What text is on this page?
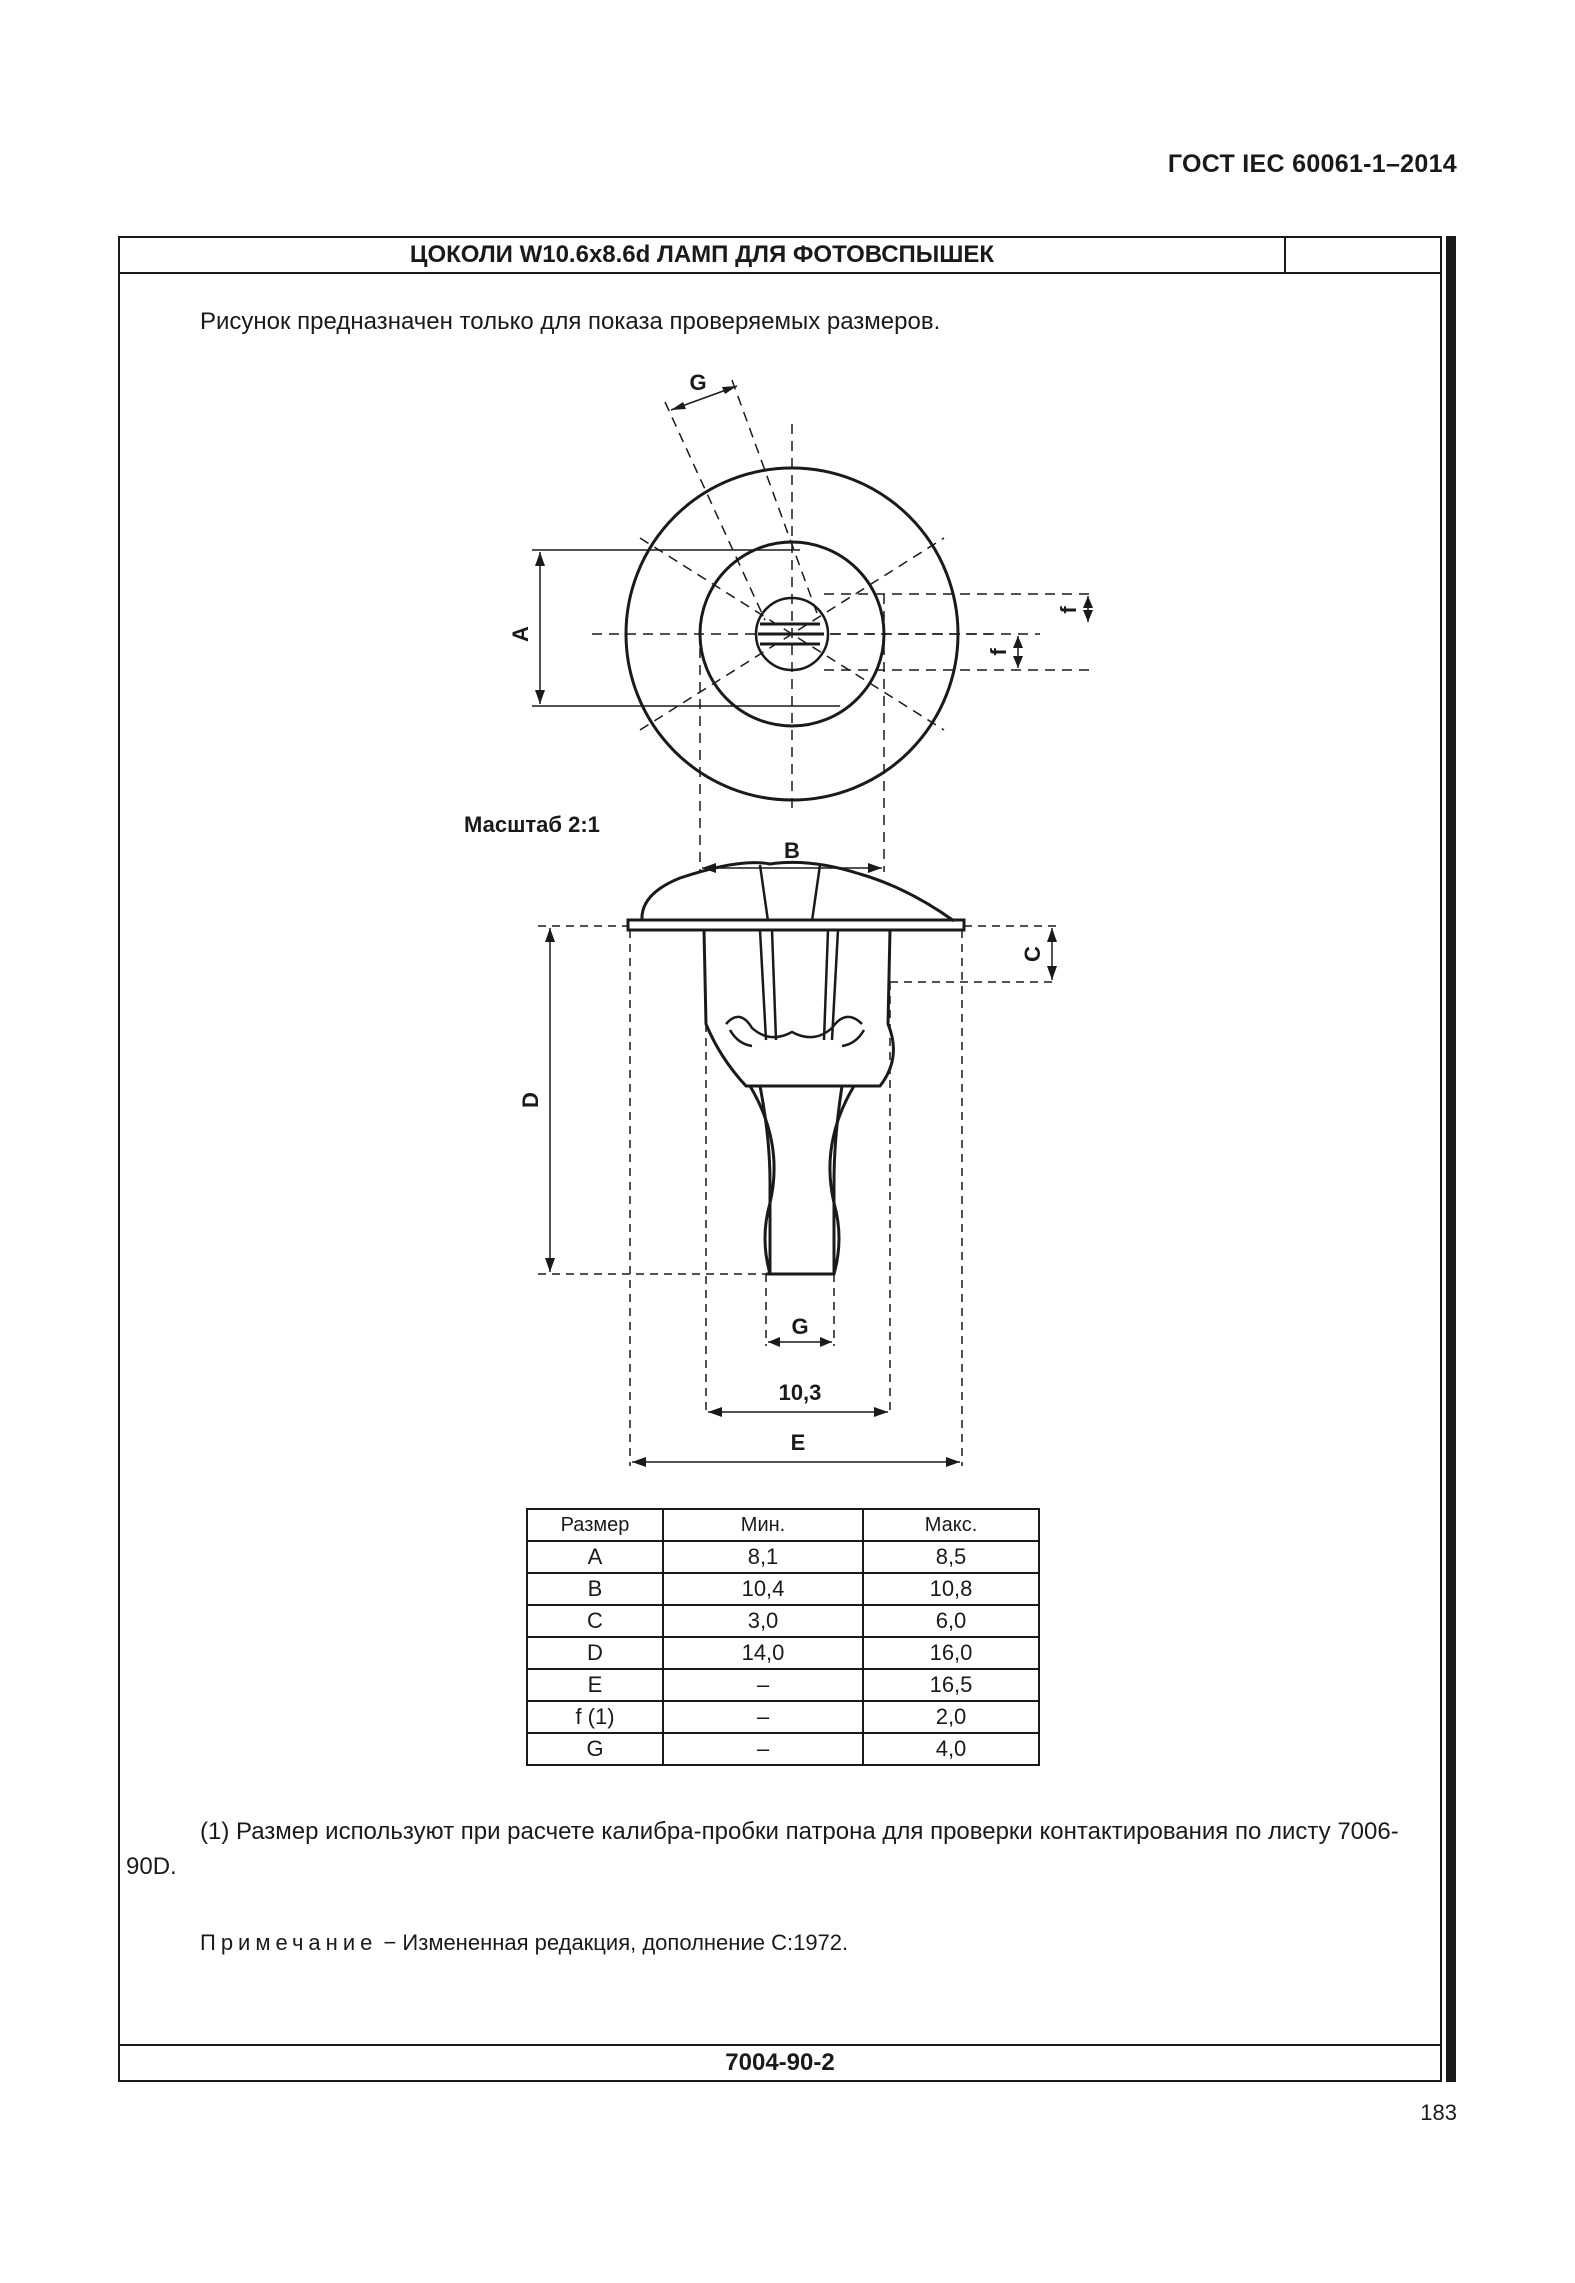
ГОСТ IEC 60061-1–2014
ЦОКОЛИ W10.6x8.6d ЛАМП ДЛЯ ФОТОВСПЫШЕК
Рисунок предназначен только для показа проверяемых размеров.
G
A
f
f
B
D
C
G
10,3
E
Масштаб 2:1
Размер	Мин.	Макс.
A	8,1	8,5
B	10,4	10,8
C	3,0	6,0
D	14,0	16,0
E	–	16,5
f (1)	–	2,0
G	–	4,0
(1) Размер используют при расчете калибра-пробки патрона для проверки контактирования по листу 7006-90D.
Примечание − Измененная редакция, дополнение C:1972.
7004-90-2
183
